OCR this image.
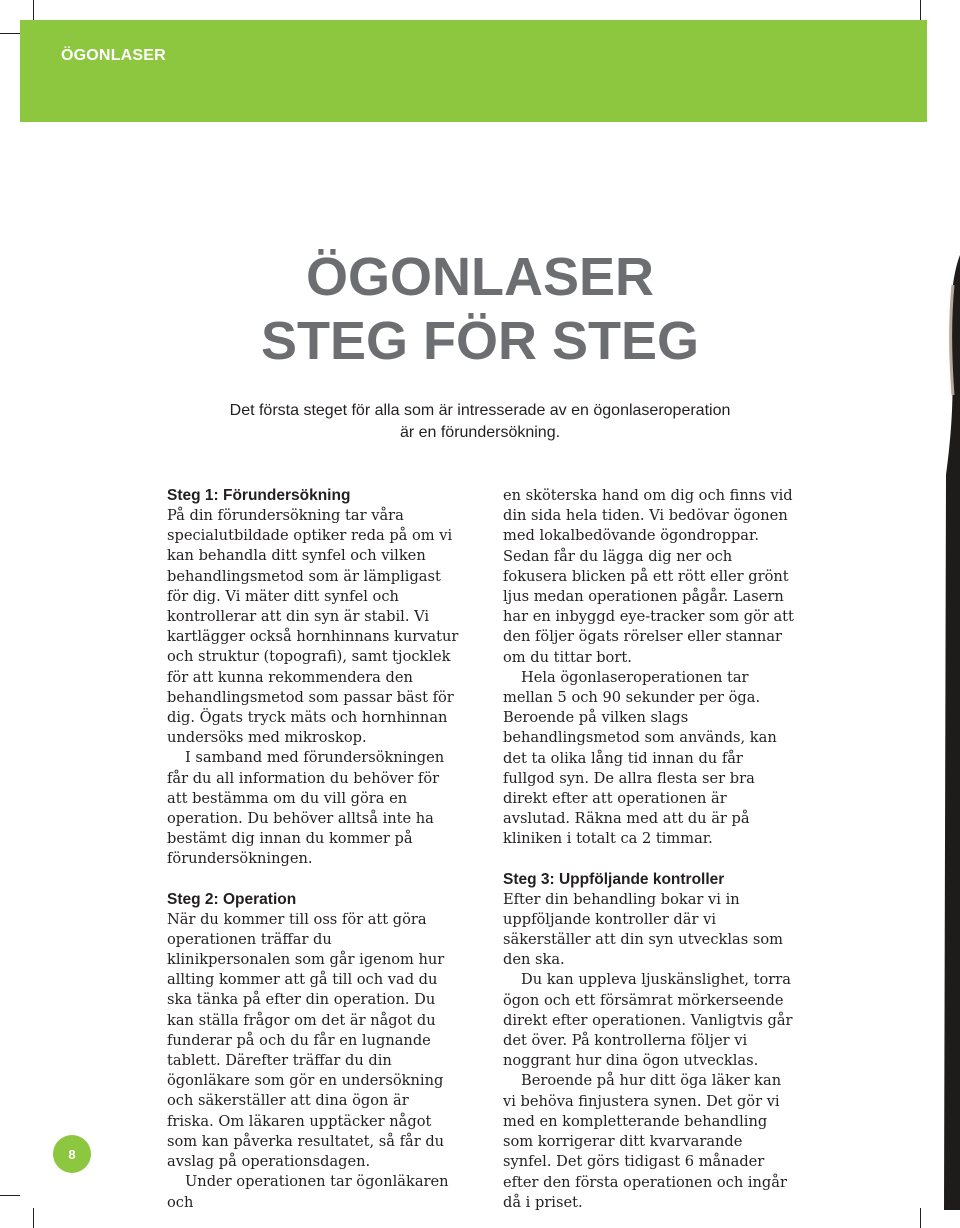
ÖGONLASER
ÖGONLASER
STEG FÖR STEG
Det första steget för alla som är intresserade av en ögonlaseroperation
är en förundersökning.
Steg 1: Förundersökning

På din förundersökning tar våra specialutbildade optiker reda på om vi kan behandla ditt synfel och vilken behandlingsmetod som är lämpligast för dig. Vi mäter ditt synfel och kontrollerar att din syn är stabil. Vi kartlägger också hornhinnans kurvatur och struktur (topografi), samt tjocklek för att kunna rekommendera den behandlingsmetod som passar bäst för dig. Ögats tryck mäts och hornhinnan undersöks med mikroskop.

I samband med förundersökningen får du all information du behöver för att bestämma om du vill göra en operation. Du behöver alltså inte ha bestämt dig innan du kommer på förundersökningen.

Steg 2: Operation

När du kommer till oss för att göra operationen träffar du klinikpersonalen som går igenom hur allting kommer att gå till och vad du ska tänka på efter din operation. Du kan ställa frågor om det är något du funderar på och du får en lugnande tablett. Därefter träffar du din ögonläkare som gör en undersökning och säkerställer att dina ögon är friska. Om läkaren upptäcker något som kan påverka resultatet, så får du avslag på operationsdagen.

Under operationen tar ögonläkaren och

en sköterska hand om dig och finns vid din sida hela tiden. Vi bedövar ögonen med lokalbedövande ögondroppar. Sedan får du lägga dig ner och fokusera blicken på ett rött eller grönt ljus medan operationen pågår. Lasern har en inbyggd eye-tracker som gör att den följer ögats rörelser eller stannar om du tittar bort.

Hela ögonlaseroperationen tar mellan 5 och 90 sekunder per öga. Beroende på vilken slags behandlingsmetod som används, kan det ta olika lång tid innan du får fullgod syn. De allra flesta ser bra direkt efter att operationen är avslutad. Räkna med att du är på kliniken i totalt ca 2 timmar.

Steg 3: Uppföljande kontroller

Efter din behandling bokar vi in uppföljande kontroller där vi säkerställer att din syn utvecklas som den ska.

Du kan uppleva ljuskänslighet, torra ögon och ett försämrat mörkerseende direkt efter operationen. Vanligtvis går det över. På kontrollerna följer vi noggrant hur dina ögon utvecklas.

Beroende på hur ditt öga läker kan vi behöva finjustera synen. Det gör vi med en kompletterande behandling som korrigerar ditt kvarvarande synfel. Det görs tidigast 6 månader efter den första operationen och ingår då i priset.

8
